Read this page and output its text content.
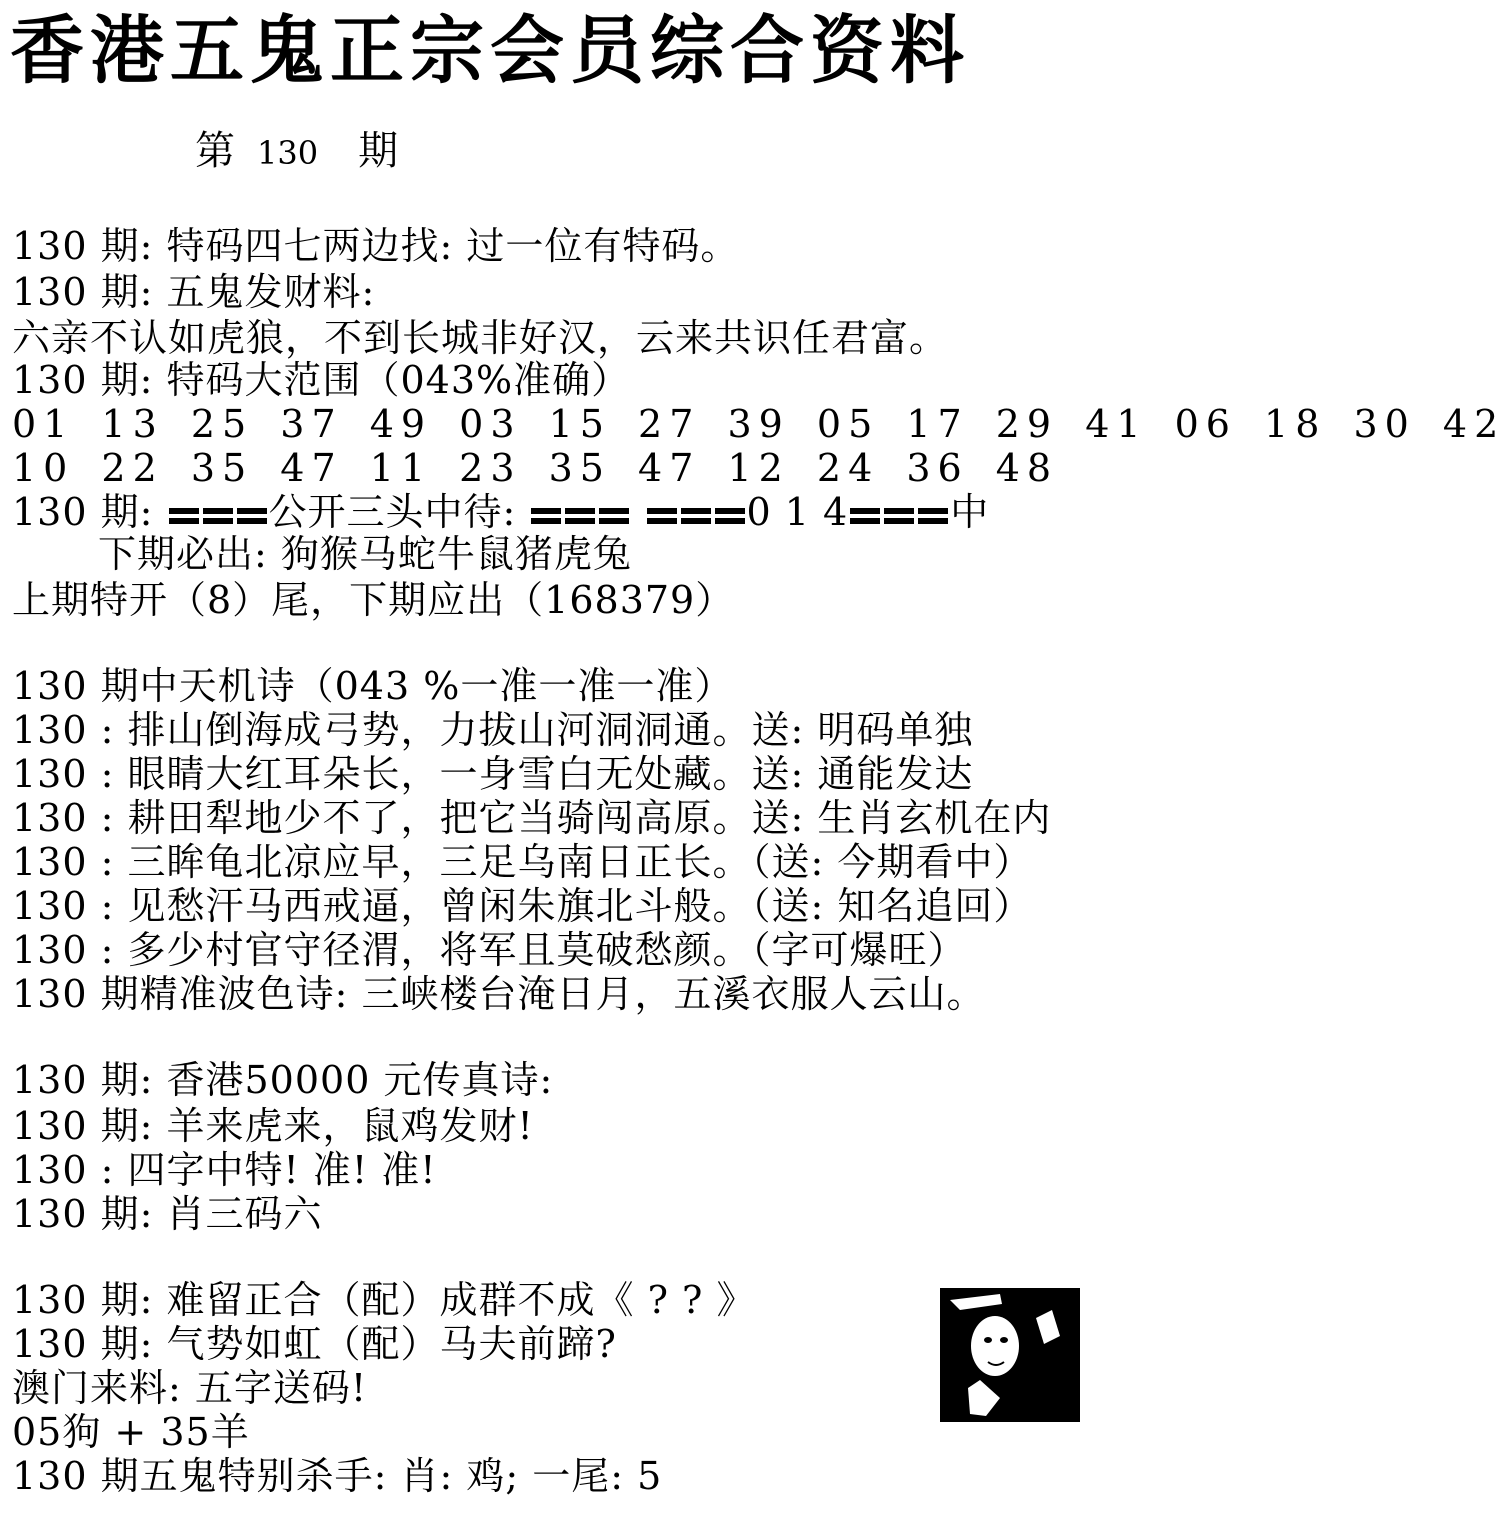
香港五鬼正宗会员综合资料
第 130 期
130 期: 特码四七两边找: 过一位有特码。
130 期: 五鬼发财料:
六亲不认如虎狼，不到长城非好汉，云来共识任君富。
130 期: 特码大范围（043%准确）
01 13 25 37 49 03 15 27 39 05 17 29 41 06 18 30 42
10 22 35 47 11 23 35 47 12 24 36 48
130 期:	公开三头中待:	0 1 4	中
下期必出: 狗猴马蛇牛鼠猪虎兔
上期特开（8）尾，下期应出（168379）
130 期中天机诗（043 %一准一准一准）
130 : 排山倒海成弓势，力拔山河洞洞通。送: 明码单独
130 : 眼睛大红耳朵长，一身雪白无处藏。送: 通能发达
130 : 耕田犁地少不了，把它当骑闯高原。送: 生肖玄机在内
130 : 三眸龟北凉应早，三足乌南日正长。（送: 今期看中）
130 : 见愁汗马西戒逼，曾闲朱旗北斗般。（送: 知名追回）
130 : 多少村官守径渭，将军且莫破愁颜。（字可爆旺）
130 期精准波色诗: 三峡楼台淹日月，五溪衣服人云山。
130 期: 香港50000 元传真诗:
130 期: 羊来虎来，鼠鸡发财!
130 : 四字中特! 准! 准!
130 期: 肖三码六
130 期: 难留正合（配）成群不成《 ? ? 》
130 期: 气势如虹（配）马夫前蹄?
澳门来料: 五字送码!
05狗 + 35羊
130 期五鬼特别杀手: 肖: 鸡; 一尾: 5
